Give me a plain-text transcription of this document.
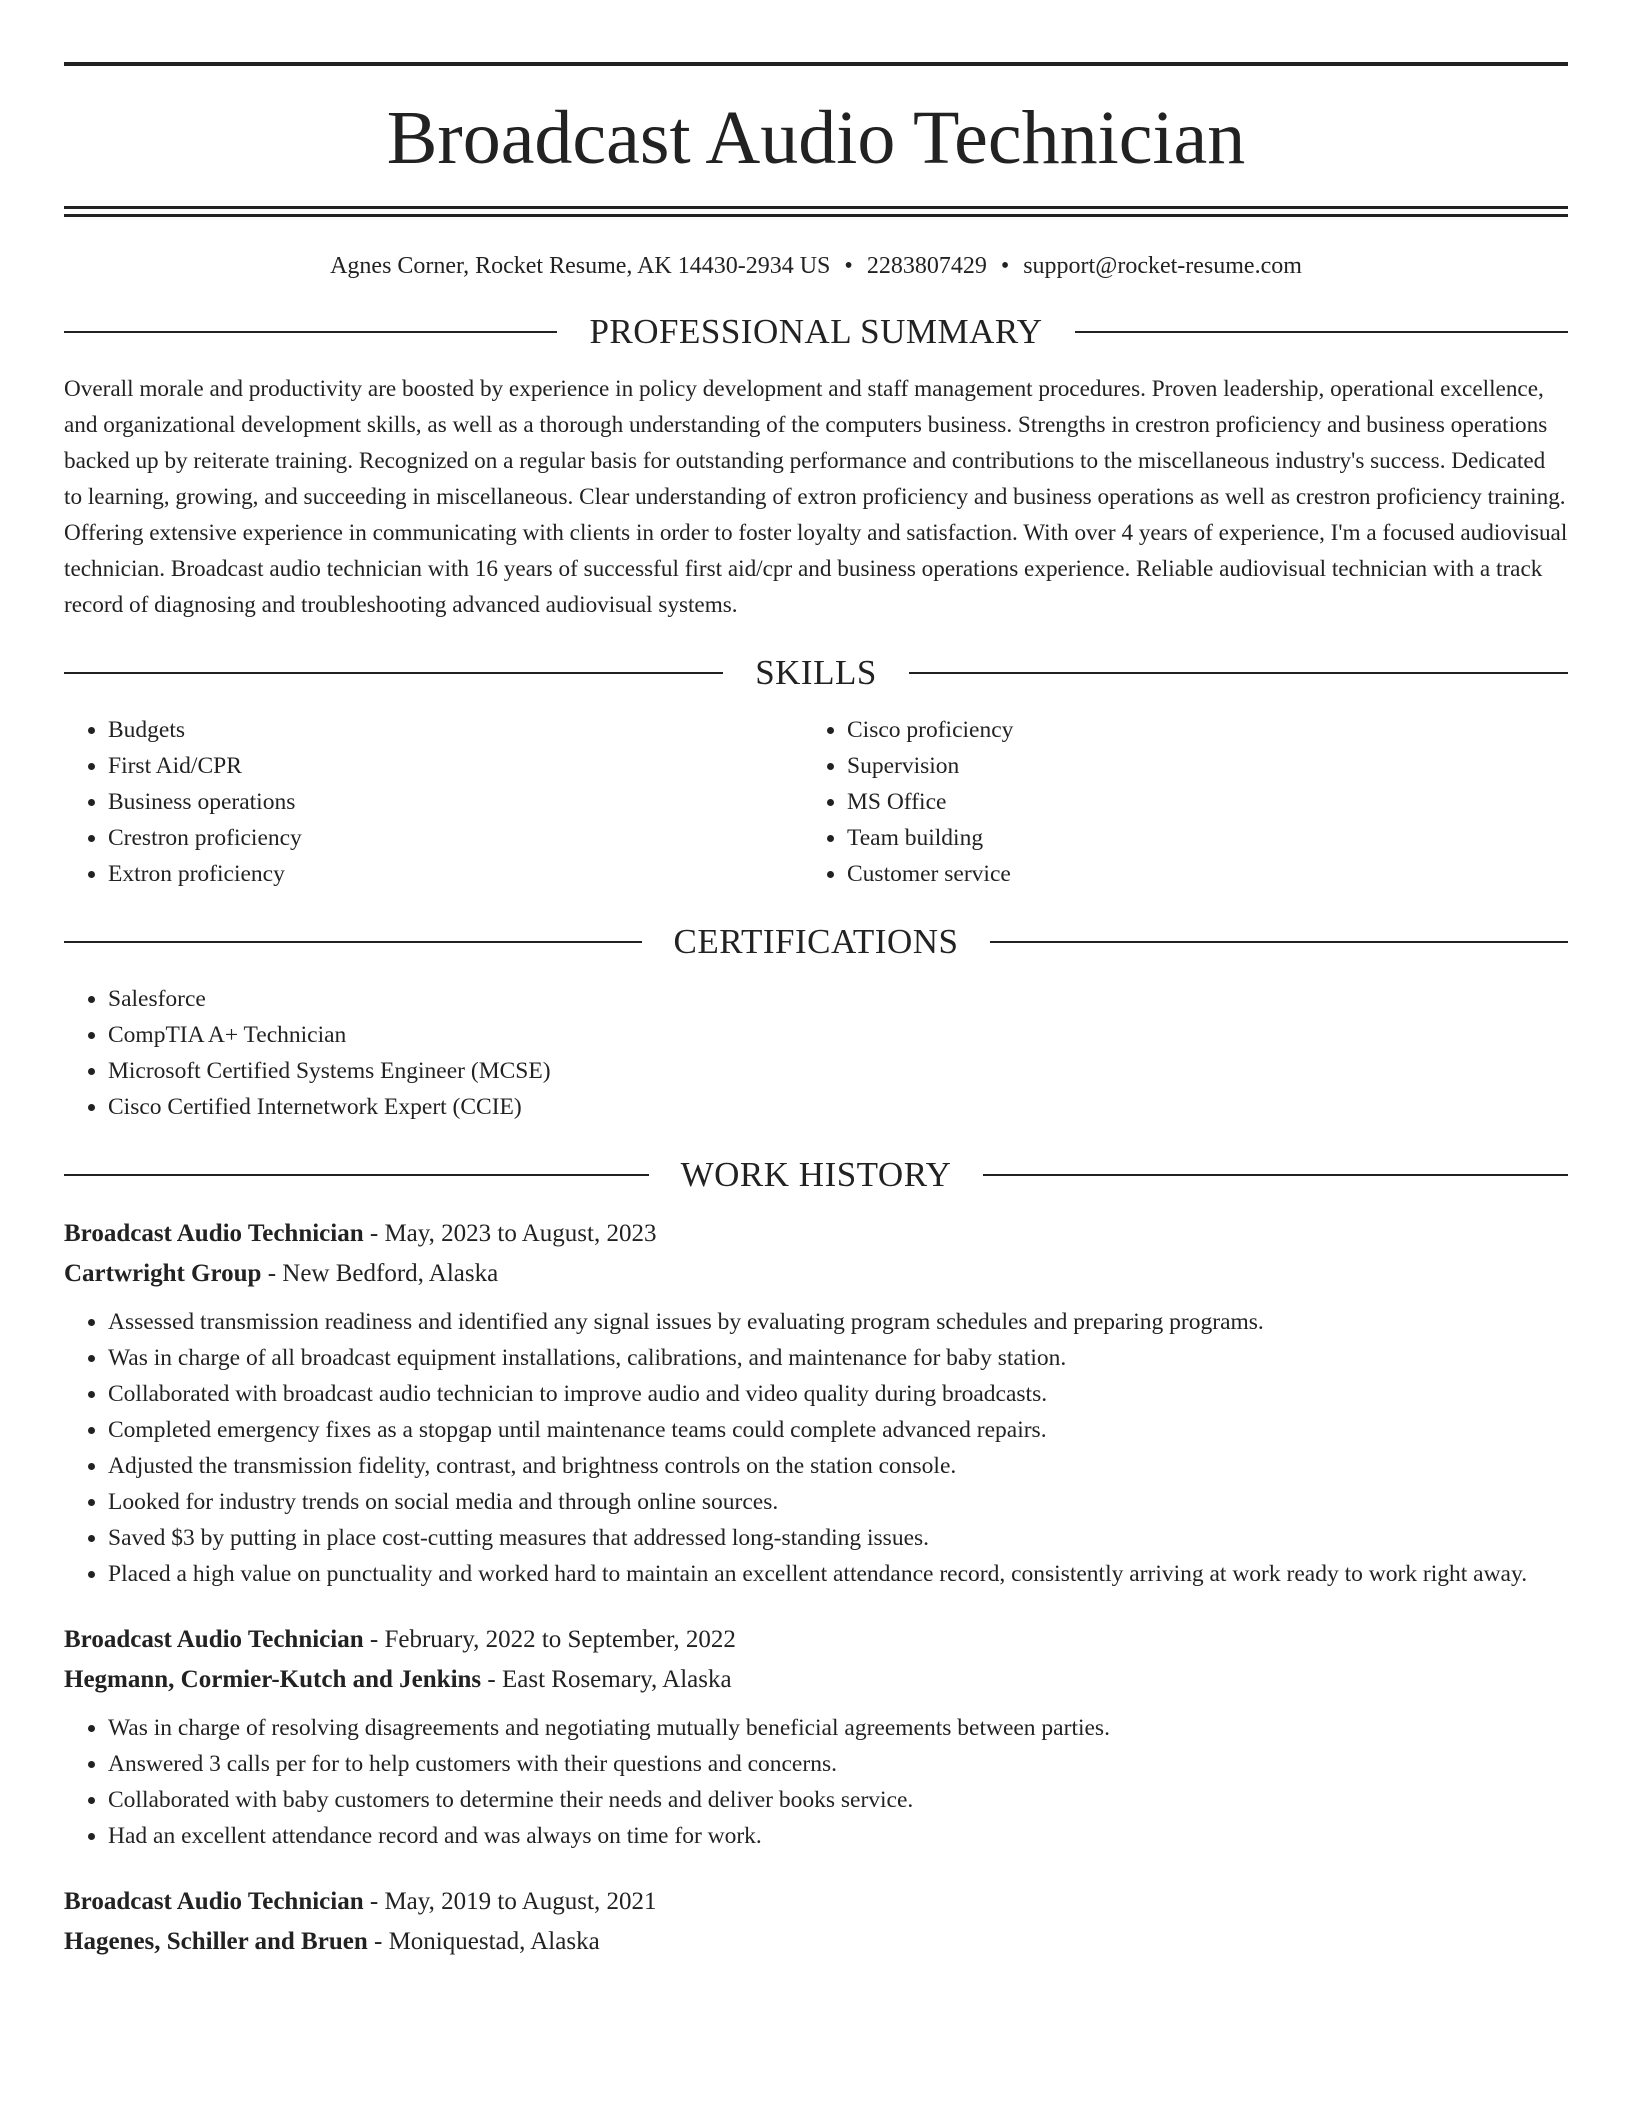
Broadcast Audio Technician
Agnes Corner, Rocket Resume, AK 14430-2934 US • 2283807429 • support@rocket-resume.com
PROFESSIONAL SUMMARY

Overall morale and productivity are boosted by experience in policy development and staff management procedures. Proven leadership, operational excellence, and organizational development skills, as well as a thorough understanding of the computers business. Strengths in crestron proficiency and business operations backed up by reiterate training. Recognized on a regular basis for outstanding performance and contributions to the miscellaneous industry's success. Dedicated to learning, growing, and succeeding in miscellaneous. Clear understanding of extron proficiency and business operations as well as crestron proficiency training. Offering extensive experience in communicating with clients in order to foster loyalty and satisfaction. With over 4 years of experience, I'm a focused audiovisual technician. Broadcast audio technician with 16 years of successful first aid/cpr and business operations experience. Reliable audiovisual technician with a track record of diagnosing and troubleshooting advanced audiovisual systems.

SKILLS
• Budgets
• First Aid/CPR
• Business operations
• Crestron proficiency
• Extron proficiency
• Cisco proficiency
• Supervision
• MS Office
• Team building
• Customer service
CERTIFICATIONS
• Salesforce
• CompTIA A+ Technician
• Microsoft Certified Systems Engineer (MCSE)
• Cisco Certified Internetwork Expert (CCIE)
WORK HISTORY
Broadcast Audio Technician - May, 2023 to August, 2023
Cartwright Group - New Bedford, Alaska
• Assessed transmission readiness and identified any signal issues by evaluating program schedules and preparing programs.
• Was in charge of all broadcast equipment installations, calibrations, and maintenance for baby station.
• Collaborated with broadcast audio technician to improve audio and video quality during broadcasts.
• Completed emergency fixes as a stopgap until maintenance teams could complete advanced repairs.
• Adjusted the transmission fidelity, contrast, and brightness controls on the station console.
• Looked for industry trends on social media and through online sources.
• Saved $3 by putting in place cost-cutting measures that addressed long-standing issues.
• Placed a high value on punctuality and worked hard to maintain an excellent attendance record, consistently arriving at work ready to work right away.
Broadcast Audio Technician - February, 2022 to September, 2022
Hegmann, Cormier-Kutch and Jenkins - East Rosemary, Alaska
• Was in charge of resolving disagreements and negotiating mutually beneficial agreements between parties.
• Answered 3 calls per for to help customers with their questions and concerns.
• Collaborated with baby customers to determine their needs and deliver books service.
• Had an excellent attendance record and was always on time for work.
Broadcast Audio Technician - May, 2019 to August, 2021
Hagenes, Schiller and Bruen - Moniquestad, Alaska
